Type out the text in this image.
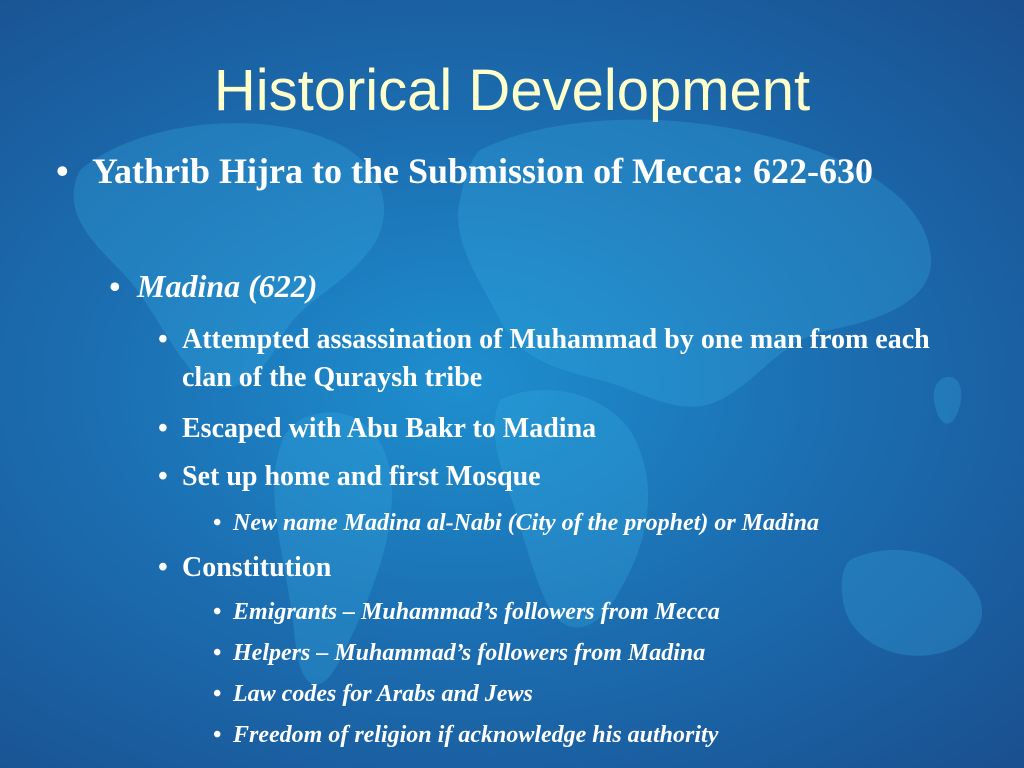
Historical Development
• Yathrib Hijra to the Submission of Mecca: 622-630
• Madina (622)
• Attempted assassination of Muhammad by one man from each clan of the Quraysh tribe
• Escaped with Abu Bakr to Madina
• Set up home and first Mosque
• New name Madina al-Nabi (City of the prophet) or Madina
• Constitution
• Emigrants – Muhammad’s followers from Mecca
• Helpers – Muhammad’s followers from Madina
• Law codes for Arabs and Jews
• Freedom of religion if acknowledge his authority
